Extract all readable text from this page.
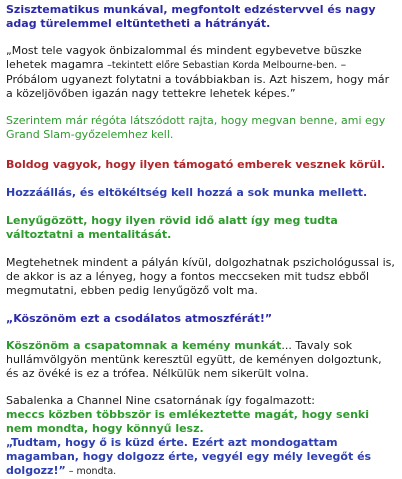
Szisztematikus munkával, megfontolt edzéstervvel és nagy adag türelemmel eltüntetheti a hátrányát.

„Most tele vagyok önbizalommal és mindent egybevetve büszke lehetek magamra –tekintett előre Sebastian Korda Melbourne-ben. – Próbálom ugyanezt folytatni a továbbiakban is. Azt hiszem, hogy már a közeljövőben igazán nagy tettekre lehetek képes.”

Szerintem már régóta látszódott rajta, hogy megvan benne, ami egy Grand Slam-győzelemhez kell.

Boldog vagyok, hogy ilyen támogató emberek vesznek körül.

Hozzáállás, és eltökéltség kell hozzá a sok munka mellett.

Lenyűgözött, hogy ilyen rövid idő alatt így meg tudta változtatni a mentalitását.

Megtehetnek mindent a pályán kívül, dolgozhatnak pszichológussal is, de akkor is az a lényeg, hogy a fontos meccseken mit tudsz ebből megmutatni, ebben pedig lenyűgöző volt ma.

„Köszönöm ezt a csodálatos atmoszférát!”

Köszönöm a csapatomnak a kemény munkát... Tavaly sok hullámvölgyön mentünk keresztül együtt, de keményen dolgoztunk, és az övéké is ez a trófea. Nélkülük nem sikerült volna.

Sabalenka a Channel Nine csatornának így fogalmazott:
meccs közben többször is emlékeztette magát, hogy senki nem mondta, hogy könnyű lesz.

„Tudtam, hogy ő is küzd érte. Ezért azt mondogattam magamban, hogy dolgozz érte, vegyél egy mély levegőt és dolgozz!” – mondta.
